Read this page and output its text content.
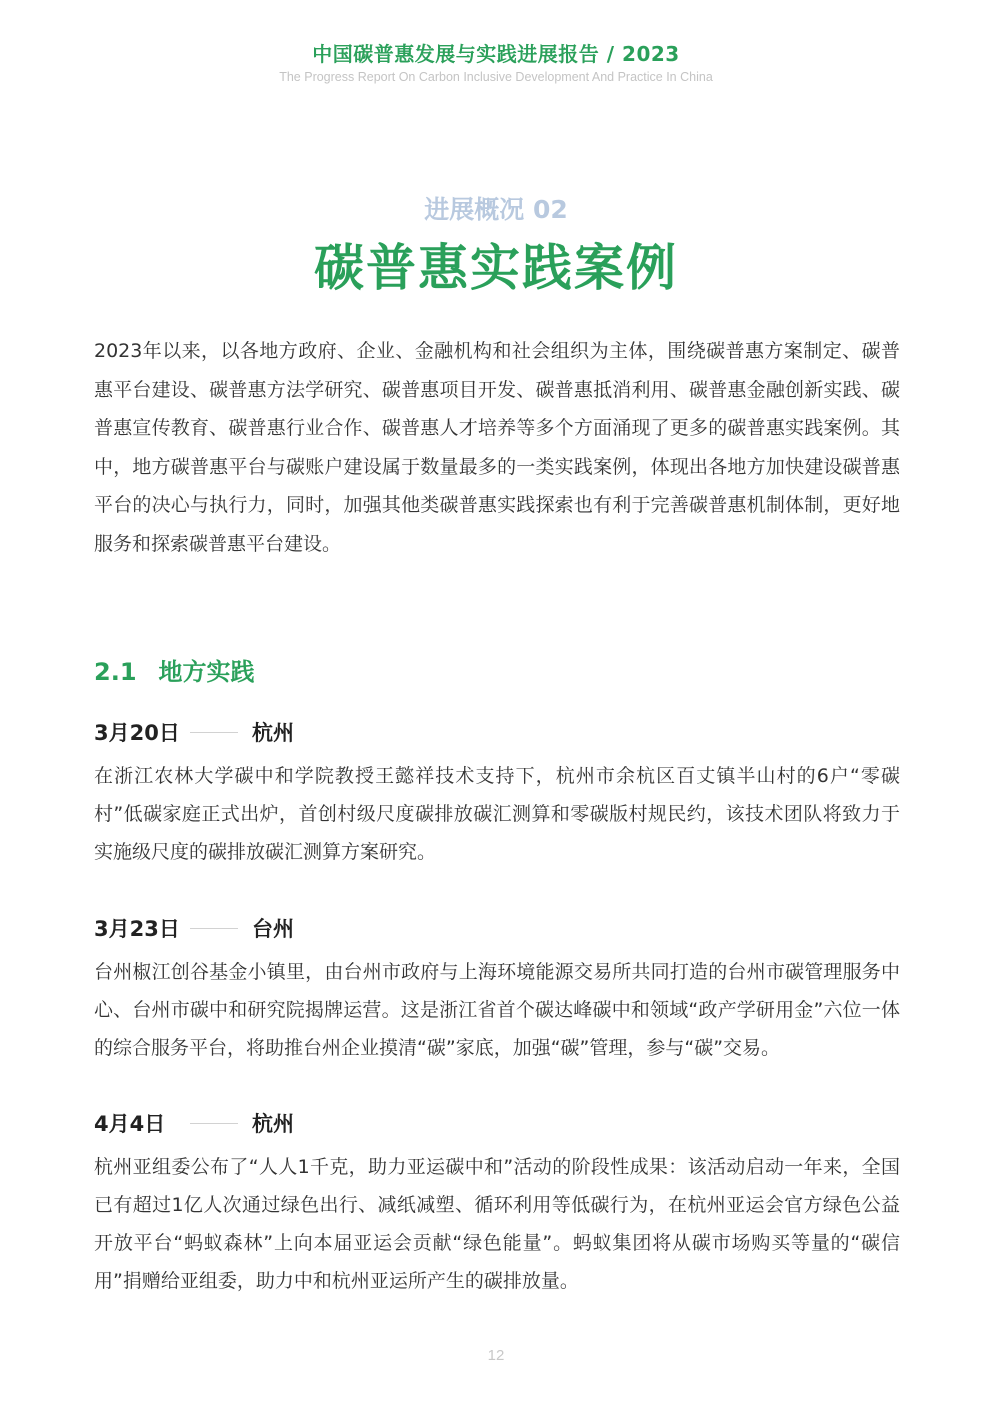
中国碳普惠发展与实践进展报告 / 2023
The Progress Report On Carbon Inclusive Development And Practice In China
进展概况 02
碳普惠实践案例

2023年以来，以各地方政府、企业、金融机构和社会组织为主体，围绕碳普惠方案制定、碳普惠平台建设、碳普惠方法学研究、碳普惠项目开发、碳普惠抵消利用、碳普惠金融创新实践、碳普惠宣传教育、碳普惠行业合作、碳普惠人才培养等多个方面涌现了更多的碳普惠实践案例。其中，地方碳普惠平台与碳账户建设属于数量最多的一类实践案例，体现出各地方加快建设碳普惠平台的决心与执行力，同时，加强其他类碳普惠实践探索也有利于完善碳普惠机制体制，更好地服务和探索碳普惠平台建设。

2.1 地方实践
3月20日	杭州

在浙江农林大学碳中和学院教授王懿祥技术支持下，杭州市余杭区百丈镇半山村的6户“零碳村”低碳家庭正式出炉，首创村级尺度碳排放碳汇测算和零碳版村规民约，该技术团队将致力于实施级尺度的碳排放碳汇测算方案研究。

3月23日	台州

台州椒江创谷基金小镇里，由台州市政府与上海环境能源交易所共同打造的台州市碳管理服务中心、台州市碳中和研究院揭牌运营。这是浙江省首个碳达峰碳中和领域“政产学研用金”六位一体的综合服务平台，将助推台州企业摸清“碳”家底，加强“碳”管理，参与“碳”交易。

4月4日	杭州

杭州亚组委公布了“人人1千克，助力亚运碳中和”活动的阶段性成果：该活动启动一年来，全国已有超过1亿人次通过绿色出行、减纸减塑、循环利用等低碳行为，在杭州亚运会官方绿色公益开放平台“蚂蚁森林”上向本届亚运会贡献“绿色能量”。蚂蚁集团将从碳市场购买等量的“碳信用”捐赠给亚组委，助力中和杭州亚运所产生的碳排放量。

12
